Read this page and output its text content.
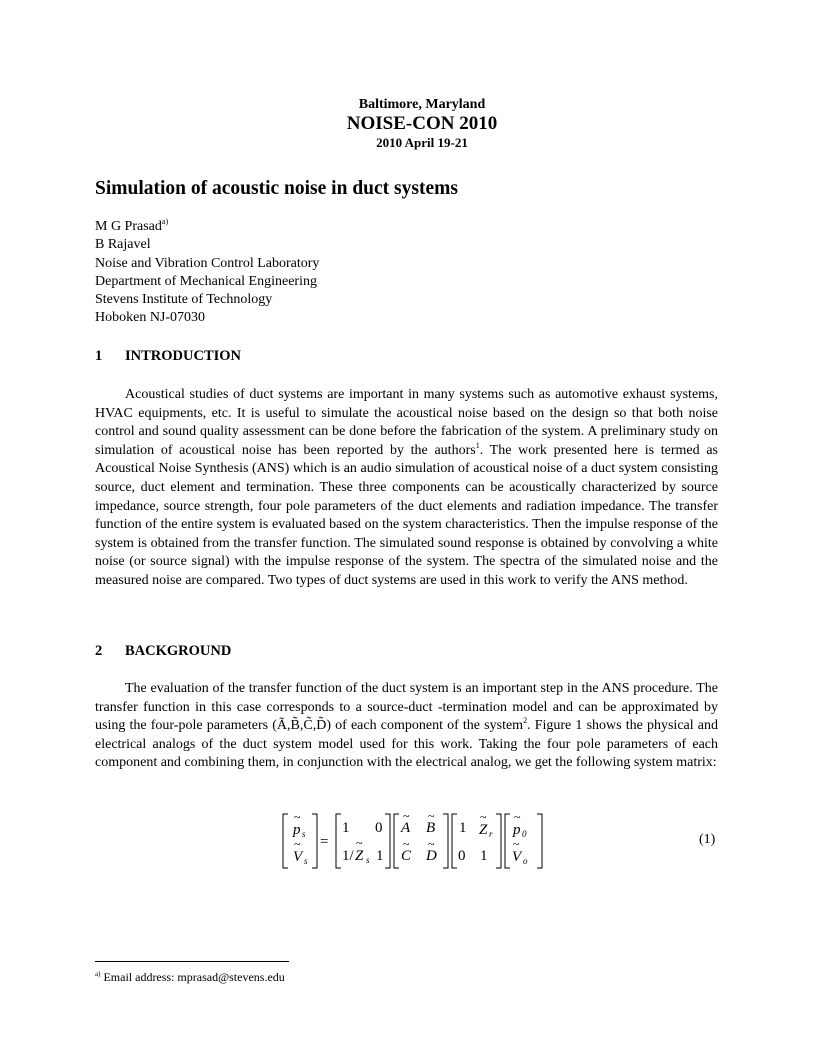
Baltimore, Maryland
NOISE-CON 2010
2010 April 19-21
Simulation of acoustic noise in duct systems
M G Prasad$^{a)}$
B Rajavel
Noise and Vibration Control Laboratory
Department of Mechanical Engineering
Stevens Institute of Technology
Hoboken NJ-07030
1 INTRODUCTION

Acoustical studies of duct systems are important in many systems such as automotive exhaust systems, HVAC equipments, etc. It is useful to simulate the acoustical noise based on the design so that both noise control and sound quality assessment can be done before the fabrication of the system. A preliminary study on simulation of acoustical noise has been reported by the authors$^1$. The work presented here is termed as Acoustical Noise Synthesis (ANS) which is an audio simulation of acoustical noise of a duct system consisting source, duct element and termination. These three components can be acoustically characterized by source impedance, source strength, four pole parameters of the duct elements and radiation impedance. The transfer function of the entire system is evaluated based on the system characteristics. Then the impulse response of the system is obtained from the transfer function. The simulated sound response is obtained by convolving a white noise (or source signal) with the impulse response of the system. The spectra of the simulated noise and the measured noise are compared. Two types of duct systems are used in this work to verify the ANS method.

2 BACKGROUND

The evaluation of the transfer function of the duct system is an important step in the ANS procedure. The transfer function in this case corresponds to a source-duct -termination model and can be approximated by using the four-pole parameters (Ã,B̃,C̃,D̃) of each component of the system$^2$. Figure 1 shows the physical and electrical analogs of the duct system model used for this work. Taking the four pole parameters of each component and combining them, in conjunction with the electrical analog, we get the following system matrix:

p
~
s
V
~
s
=
1 0
1/ Z
~
s 1
A
~
B
~
C
~
D
~
1 Z
~
r
0 1
p
~
0
V
~
o
(1)
$^{a)}$ Email address: mprasad@stevens.edu
